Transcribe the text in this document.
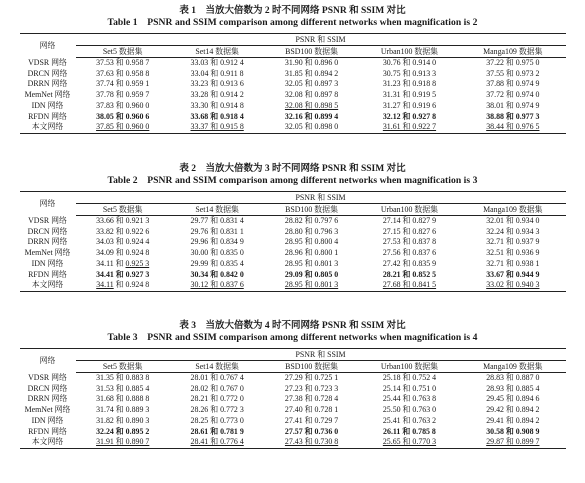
表 1　当放大倍数为 2 时不同网络 PSNR 和 SSIM 对比
Table 1　PSNR and SSIM comparison among different networks when magnification is 2
网络	PSNR 和 SSIM				
	Set5 数据集	Set14 数据集	BSD100 数据集	Urban100 数据集	Manga109 数据集
VDSR 网络	37.53 和 0.958 7	33.03 和 0.912 4	31.90 和 0.896 0	30.76 和 0.914 0	37.22 和 0.975 0
DRCN 网络	37.63 和 0.958 8	33.04 和 0.911 8	31.85 和 0.894 2	30.75 和 0.913 3	37.55 和 0.973 2
DRRN 网络	37.74 和 0.959 1	33.23 和 0.913 6	32.05 和 0.897 3	31.23 和 0.918 8	37.88 和 0.974 9
MemNet 网络	37.78 和 0.959 7	33.28 和 0.914 2	32.08 和 0.897 8	31.31 和 0.919 5	37.72 和 0.974 0
IDN 网络	37.83 和 0.960 0	33.30 和 0.914 8	32.08 和 0.898 5	31.27 和 0.919 6	38.01 和 0.974 9
RFDN 网络	38.05 和 0.960 6	33.68 和 0.918 4	32.16 和 0.899 4	32.12 和 0.927 8	38.88 和 0.977 3
本文网络	37.85 和 0.960 0	33.37 和 0.915 8	32.05 和 0.898 0	31.61 和 0.922 7	38.44 和 0.976 5
表 2　当放大倍数为 3 时不同网络 PSNR 和 SSIM 对比
Table 2　PSNR and SSIM comparison among different networks when magnification is 3
网络	PSNR 和 SSIM				
	Set5 数据集	Set14 数据集	BSD100 数据集	Urban100 数据集	Manga109 数据集
VDSR 网络	33.66 和 0.921 3	29.77 和 0.831 4	28.82 和 0.797 6	27.14 和 0.827 9	32.01 和 0.934 0
DRCN 网络	33.82 和 0.922 6	29.76 和 0.831 1	28.80 和 0.796 3	27.15 和 0.827 6	32.24 和 0.934 3
DRRN 网络	34.03 和 0.924 4	29.96 和 0.834 9	28.95 和 0.800 4	27.53 和 0.837 8	32.71 和 0.937 9
MemNet 网络	34.09 和 0.924 8	30.00 和 0.835 0	28.96 和 0.800 1	27.56 和 0.837 6	32.51 和 0.936 9
IDN 网络	34.11 和 0.925 3	29.99 和 0.835 4	28.95 和 0.801 3	27.42 和 0.835 9	32.71 和 0.938 1
RFDN 网络	34.41 和 0.927 3	30.34 和 0.842 0	29.09 和 0.805 0	28.21 和 0.852 5	33.67 和 0.944 9
本文网络	34.11 和 0.924 8	30.12 和 0.837 6	28.95 和 0.801 3	27.68 和 0.841 5	33.02 和 0.940 3
表 3　当放大倍数为 4 时不同网络 PSNR 和 SSIM 对比
Table 3　PSNR and SSIM comparison among different networks when magnification is 4
网络	PSNR 和 SSIM				
	Set5 数据集	Set14 数据集	BSD100 数据集	Urban100 数据集	Manga109 数据集
VDSR 网络	31.35 和 0.883 8	28.01 和 0.767 4	27.29 和 0.725 1	25.18 和 0.752 4	28.83 和 0.887 0
DRCN 网络	31.53 和 0.885 4	28.02 和 0.767 0	27.23 和 0.723 3	25.14 和 0.751 0	28.93 和 0.885 4
DRRN 网络	31.68 和 0.888 8	28.21 和 0.772 0	27.38 和 0.728 4	25.44 和 0.763 8	29.45 和 0.894 6
MemNet 网络	31.74 和 0.889 3	28.26 和 0.772 3	27.40 和 0.728 1	25.50 和 0.763 0	29.42 和 0.894 2
IDN 网络	31.82 和 0.890 3	28.25 和 0.773 0	27.41 和 0.729 7	25.41 和 0.763 2	29.41 和 0.894 2
RFDN 网络	32.24 和 0.895 2	28.61 和 0.781 9	27.57 和 0.736 0	26.11 和 0.785 8	30.58 和 0.908 9
本文网络	31.91 和 0.890 7	28.41 和 0.776 4	27.43 和 0.730 8	25.65 和 0.770 3	29.87 和 0.899 7
